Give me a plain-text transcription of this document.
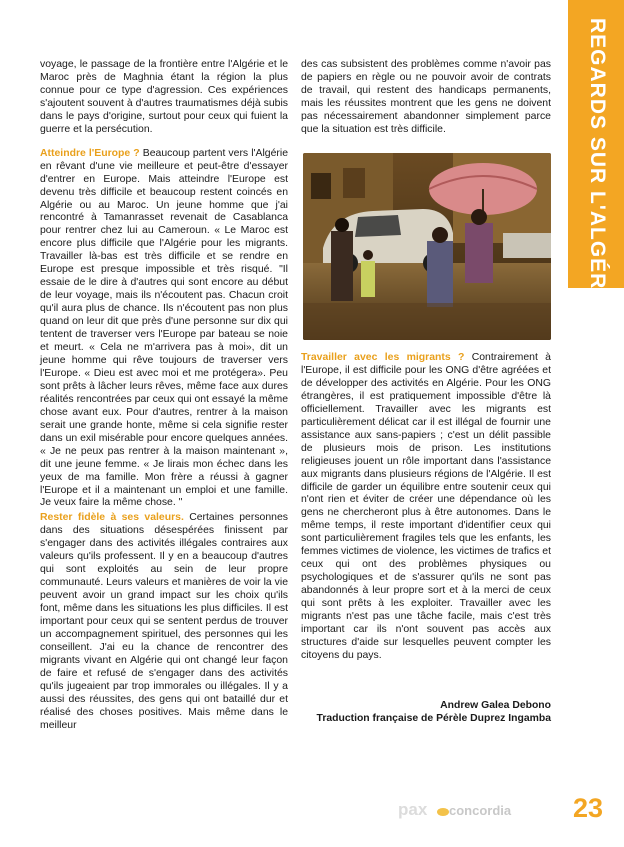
REGARDS SUR L'ALGÉRIE

voyage, le passage de la frontière entre l'Algérie et le Maroc près de Maghnia étant la région la plus connue pour ce type d'agression. Ces expériences s'ajoutent souvent à d'autres traumatismes déjà subis dans le pays d'origine, surtout pour ceux qui fuient la guerre et la persécution.

Atteindre l'Europe ? Beaucoup partent vers l'Algérie en rêvant d'une vie meilleure et peut-être d'essayer d'entrer en Europe. Mais atteindre l'Europe est devenu très difficile et beaucoup restent coincés en Algérie ou au Maroc. Un jeune homme que j'ai rencontré à Tamanrasset revenait de Casablanca pour rentrer chez lui au Cameroun. « Le Maroc est encore plus difficile que l'Algérie pour les migrants. Travailler là-bas est très difficile et se rendre en Europe est presque impossible et très risqué. "Il essaie de le dire à d'autres qui sont encore au début de leur voyage, mais ils n'écoutent pas. Chacun croit qu'il aura plus de chance. Ils n'écoutent pas non plus quand on leur dit que près d'une personne sur dix qui tentent de traverser vers l'Europe par bateau se noie et meurt. « Cela ne m'arrivera pas à moi», dit un jeune homme qui rêve toujours de traverser vers l'Europe. « Dieu est avec moi et me protégera». Peu sont prêts à lâcher leurs rêves, même face aux dures réalités rencontrées par ceux qui ont essayé la même chose avant eux. Pour d'autres, rentrer à la maison serait une grande honte, même si cela signifie rester dans un exil misérable pour encore quelques années. « Je ne peux pas rentrer à la maison maintenant », dit une jeune femme. « Je lirais mon échec dans les yeux de ma famille. Mon frère a réussi à gagner l'Europe et il a maintenant un emploi et une famille. Je veux faire la même chose. "

Rester fidèle à ses valeurs. Certaines personnes dans des situations désespérées finissent par s'engager dans des activités illégales contraires aux valeurs qu'ils professent. Il y en a beaucoup d'autres qui sont exploités au sein de leur propre communauté. Leurs valeurs et manières de voir la vie peuvent avoir un grand impact sur les choix qu'ils font, même dans les situations les plus difficiles. Il est important pour ceux qui se sentent perdus de trouver un accompagnement spirituel, des personnes qui les conseillent. J'ai eu la chance de rencontrer des migrants vivant en Algérie qui ont changé leur façon de faire et refusé de s'engager dans des activités qu'ils jugeaient par trop immorales ou illégales. Il y a aussi des réussites, des gens qui ont bataillé dur et réalisé des choses positives. Mais même dans le meilleur

des cas subsistent des problèmes comme n'avoir pas de papiers en règle ou ne pouvoir avoir de contrats de travail, qui restent des handicaps permanents, mais les réussites montrent que les gens ne doivent pas nécessairement abandonner simplement parce que la situation est très difficile.

Travailler avec les migrants ? Contrairement à l'Europe, il est difficile pour les ONG d'être agréées et de développer des activités en Algérie. Pour les ONG étrangères, il est pratiquement impossible d'être là officiellement. Travailler avec les migrants est particulièrement délicat car il est illégal de fournir une assistance aux sans-papiers ; c'est un délit passible de plusieurs mois de prison. Les institutions religieuses jouent un rôle important dans l'assistance aux migrants dans plusieurs régions de l'Algérie. Il est difficile de garder un équilibre entre soutenir ceux qui n'ont rien et éviter de créer une dépendance où les gens ne chercheront plus à être autonomes. Dans le même temps, il reste important d'identifier ceux qui sont particulièrement fragiles tels que les enfants, les femmes victimes de violence, les victimes de trafics et ceux qui ont des problèmes physiques ou psychologiques et de s'assurer qu'ils ne sont pas abandonnés à leur propre sort et à la merci de ceux qui sont prêts à les exploiter. Travailler avec les migrants n'est pas une tâche facile, mais c'est très important car ils n'ont souvent pas accès aux structures d'aide sur lesquelles peuvent compter les citoyens du pays.

Andrew Galea Debono
Traduction française de Pérèle Duprez Ingamba
pax concordia	23
